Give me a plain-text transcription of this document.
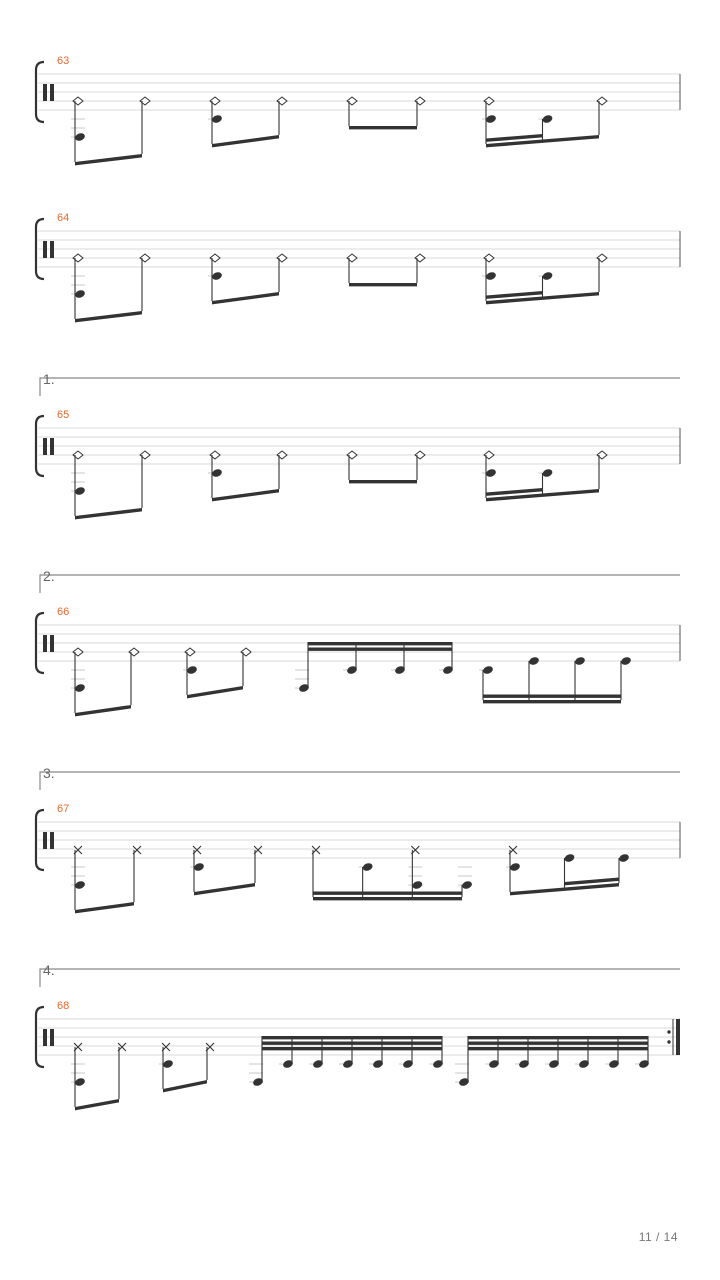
63
64
1.
65
2.
66
3.
67
4.
68
11 / 14
